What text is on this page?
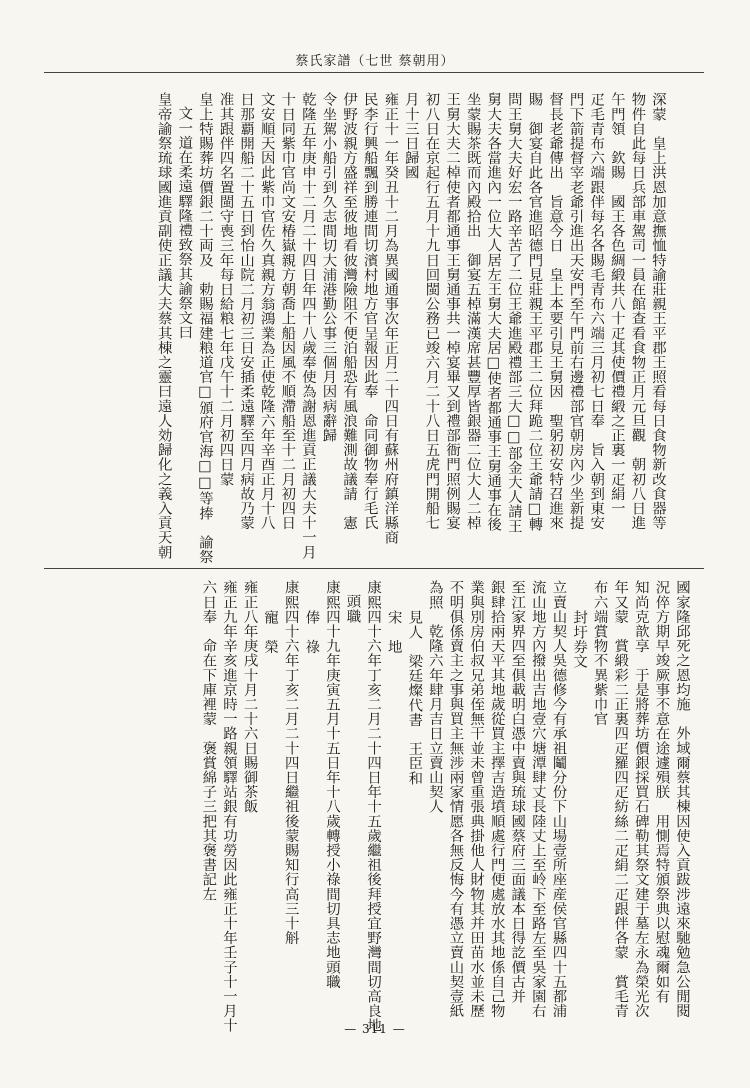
蔡氏家譜（七世 蔡朝用）
深蒙　皇上洪恩加意撫恤特諭莊親王平郡王照看每日食物新改食器等
物件自此每日兵部車駕司一員在館查看食物正月元旦觀　朝初八日進
午門領　欽賜　國王各色綢緞共八十疋其使價禮緞之正裏一疋絹一
疋毛青布六端跟伴每名各賜毛青布六端三月初七日奉　旨入朝到東安
門下箭提督宰老爺引進出天安門至午門前右邊禮部官朝房內少坐新提
督長老爺傳出　旨意今日　皇上本要引見王舅因　聖躬初安特召進來
賜　御宴自此各官進昭德門見莊親王平郡王二位拜跪二位王爺請□轉
問王舅大夫好宏一路辛苦了二位王爺進殿禮部三大□□部金大人請王
舅大夫各當進內一位大人居左王舅大夫居□使者都通事王舅通事在後
坐蒙賜茶既而內殿拾出　御宴五棹滿漢席甚豐厚皆銀器二位大人二棹
王舅大夫二棹使者都通事王舅通事共一棹宴畢又到禮部衙門照例賜宴
初八日在京起行五月十九日回閩公務已竣六月二十八日五虎門開船七
月十三日歸國
雍正十一年癸丑十二月為異國通事次年正月二十四日有蘇州府鎮洋縣商
民李行興船飄到勝連間切濱村地方官呈報因此奉　命同御物奉行毛氏
伊野波親方盛祥至彼地看彼灣險阻不便泊船恐有風浪難測故議請　憲
令坐駕小船引到久志間切大浦港勤公事三個月因病辭歸
乾隆五年庚申十二月二十四日年四十八歲奉使為謝恩進貢正議大夫十一月
十日同紫巾官尚文安椿嶽親方朝喬上船因風不順滯船至十二月初四日
文安順天因此紫巾官佐久真親方翁鴻業為正使乾隆六年辛酉正月十八
日那覇開船二十五日到怡山院二月初三日安插柔遠驛至四月病故乃蒙
准其跟伴四名置閩守喪三年每日給粮七年戊午十二月初四日蒙
皇上特賜葬坊價銀二十両及　勅賜福建粮道官□頒府官海□□等捧　諭祭
文一道在柔遠驛隆禮致祭其諭祭文曰
皇帝諭祭琉球國進貢副使正議大夫蔡其棟之靈曰遠人効歸化之義入貢天朝
國家隆邱死之恩均施　外域爾蔡其棟因使入貢跋涉遠來馳勉急公閒閱
況倅方期早竣厥事不意在途遽殞朕　用惻焉特頒祭典以慰魂爾如有
知尚克歆享　于是將葬坊價銀採買石碑勒其祭文建于墓左永為榮光次
年又蒙　賞緞彩二正裏四疋羅四疋紡絲二疋絹二疋跟伴各蒙　賞毛青
布六端賞物不異紫巾官
封圩券文
立賣山契人吳德修今有承祖鬮分份下山場壹所座産侯官縣四十五都浦
流山地方內撥出吉地壹穴塘潭肆丈長陸丈上至岭下至路左至吳家園右
至江家界四至俱載明白憑中賣與琉球國蔡府三面議本日得訖價古并
銀肆拾兩天平其地歲從買主擇吉造墳順處行門便處放水其地係自己物
業與別房伯叔兄弟侄無干並未曾重張典掛他人財物其并田苗水並未歷
不明俱係賣主之事與買主無涉兩家情愿各無反悔今有憑立賣山契壹紙
為照　乾隆六年肆月吉日立賣山契人
見人　梁廷燦代書　王臣和
宋　地
康熙四十六年丁亥二月二十四日年十五歲繼祖後拜授宜野灣間切高良地
頭職
康熙四十九年庚寅五月十五日年十八歲轉授小祿間切具志地頭職
俸　祿
康熙四十六年丁亥二月二十四日繼祖後蒙賜知行高三十斛
寵　榮
雍正八年庚戌十月二十六日賜御茶飯
雍正九年辛亥進京時一路親領驛站銀有功勞因此雍正十年壬子十一月十
六日奉　命在下庫裡蒙　褒賞綿子三把其褒書記左
— 311 —
